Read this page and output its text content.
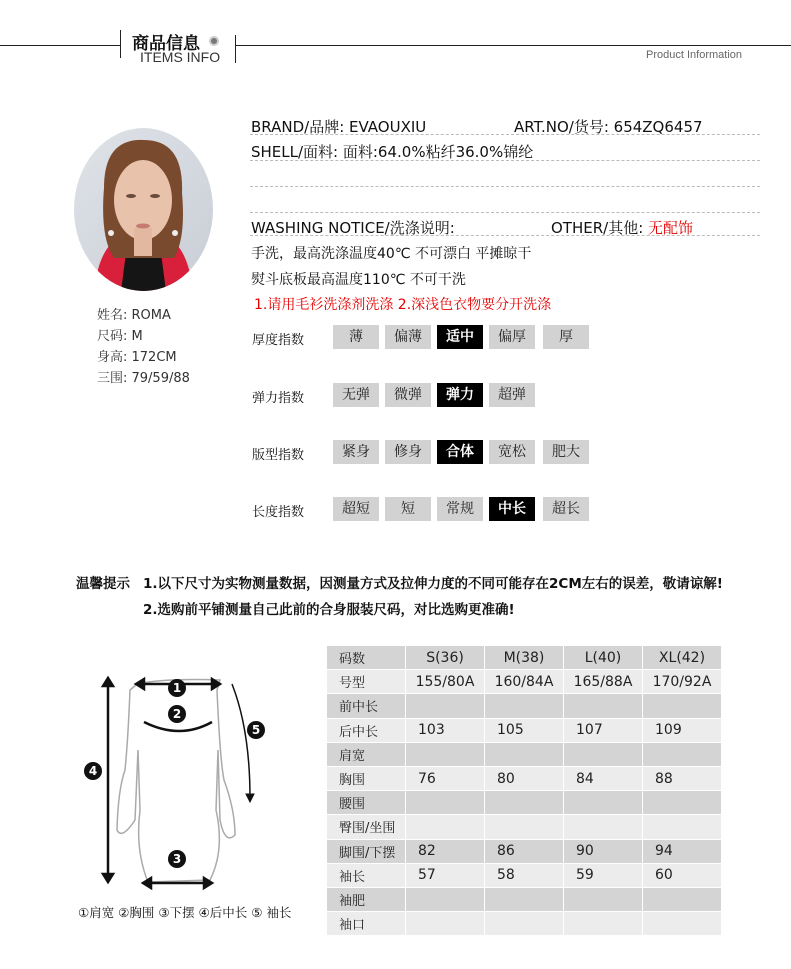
商品信息
ITEMS INFO	Product Information
姓名: ROMA
尺码: M
身高: 172CM
三围: 79/59/88
BRAND/品牌: EVAOUXIU	ART.NO/货号: 654ZQ6457
SHELL/面料: 面料:64.0%粘纤36.0%锦纶
WASHING NOTICE/洗涤说明:	OTHER/其他: 无配饰
手洗，最高洗涤温度40℃ 不可漂白 平摊晾干
熨斗底板最高温度110℃ 不可干洗
1.请用毛衫洗涤剂洗涤 2.深浅色衣物要分开洗涤
厚度指数	薄	偏薄	适中	偏厚	厚
弹力指数	无弹	微弹	弹力	超弹
版型指数	紧身	修身	合体	宽松	肥大
长度指数	超短	短	常规	中长	超长
温馨提示 1.以下尺寸为实物测量数据，因测量方式及拉伸力度的不同可能存在2CM左右的误差，敬请谅解!
2.选购前平铺测量自己此前的合身服装尺码，对比选购更准确!
1
2
3
4
5
①肩宽 ②胸围 ③下摆 ④后中长 ⑤ 袖长
码数	S(36)	M(38)	L(40)	XL(42)
号型	155/80A	160/84A	165/88A	170/92A
前中长				
后中长	103	105	107	109
肩宽				
胸围	76	80	84	88
腰围				
臀围/坐围				
脚围/下摆	82	86	90	94
袖长	57	58	59	60
袖肥				
袖口				
